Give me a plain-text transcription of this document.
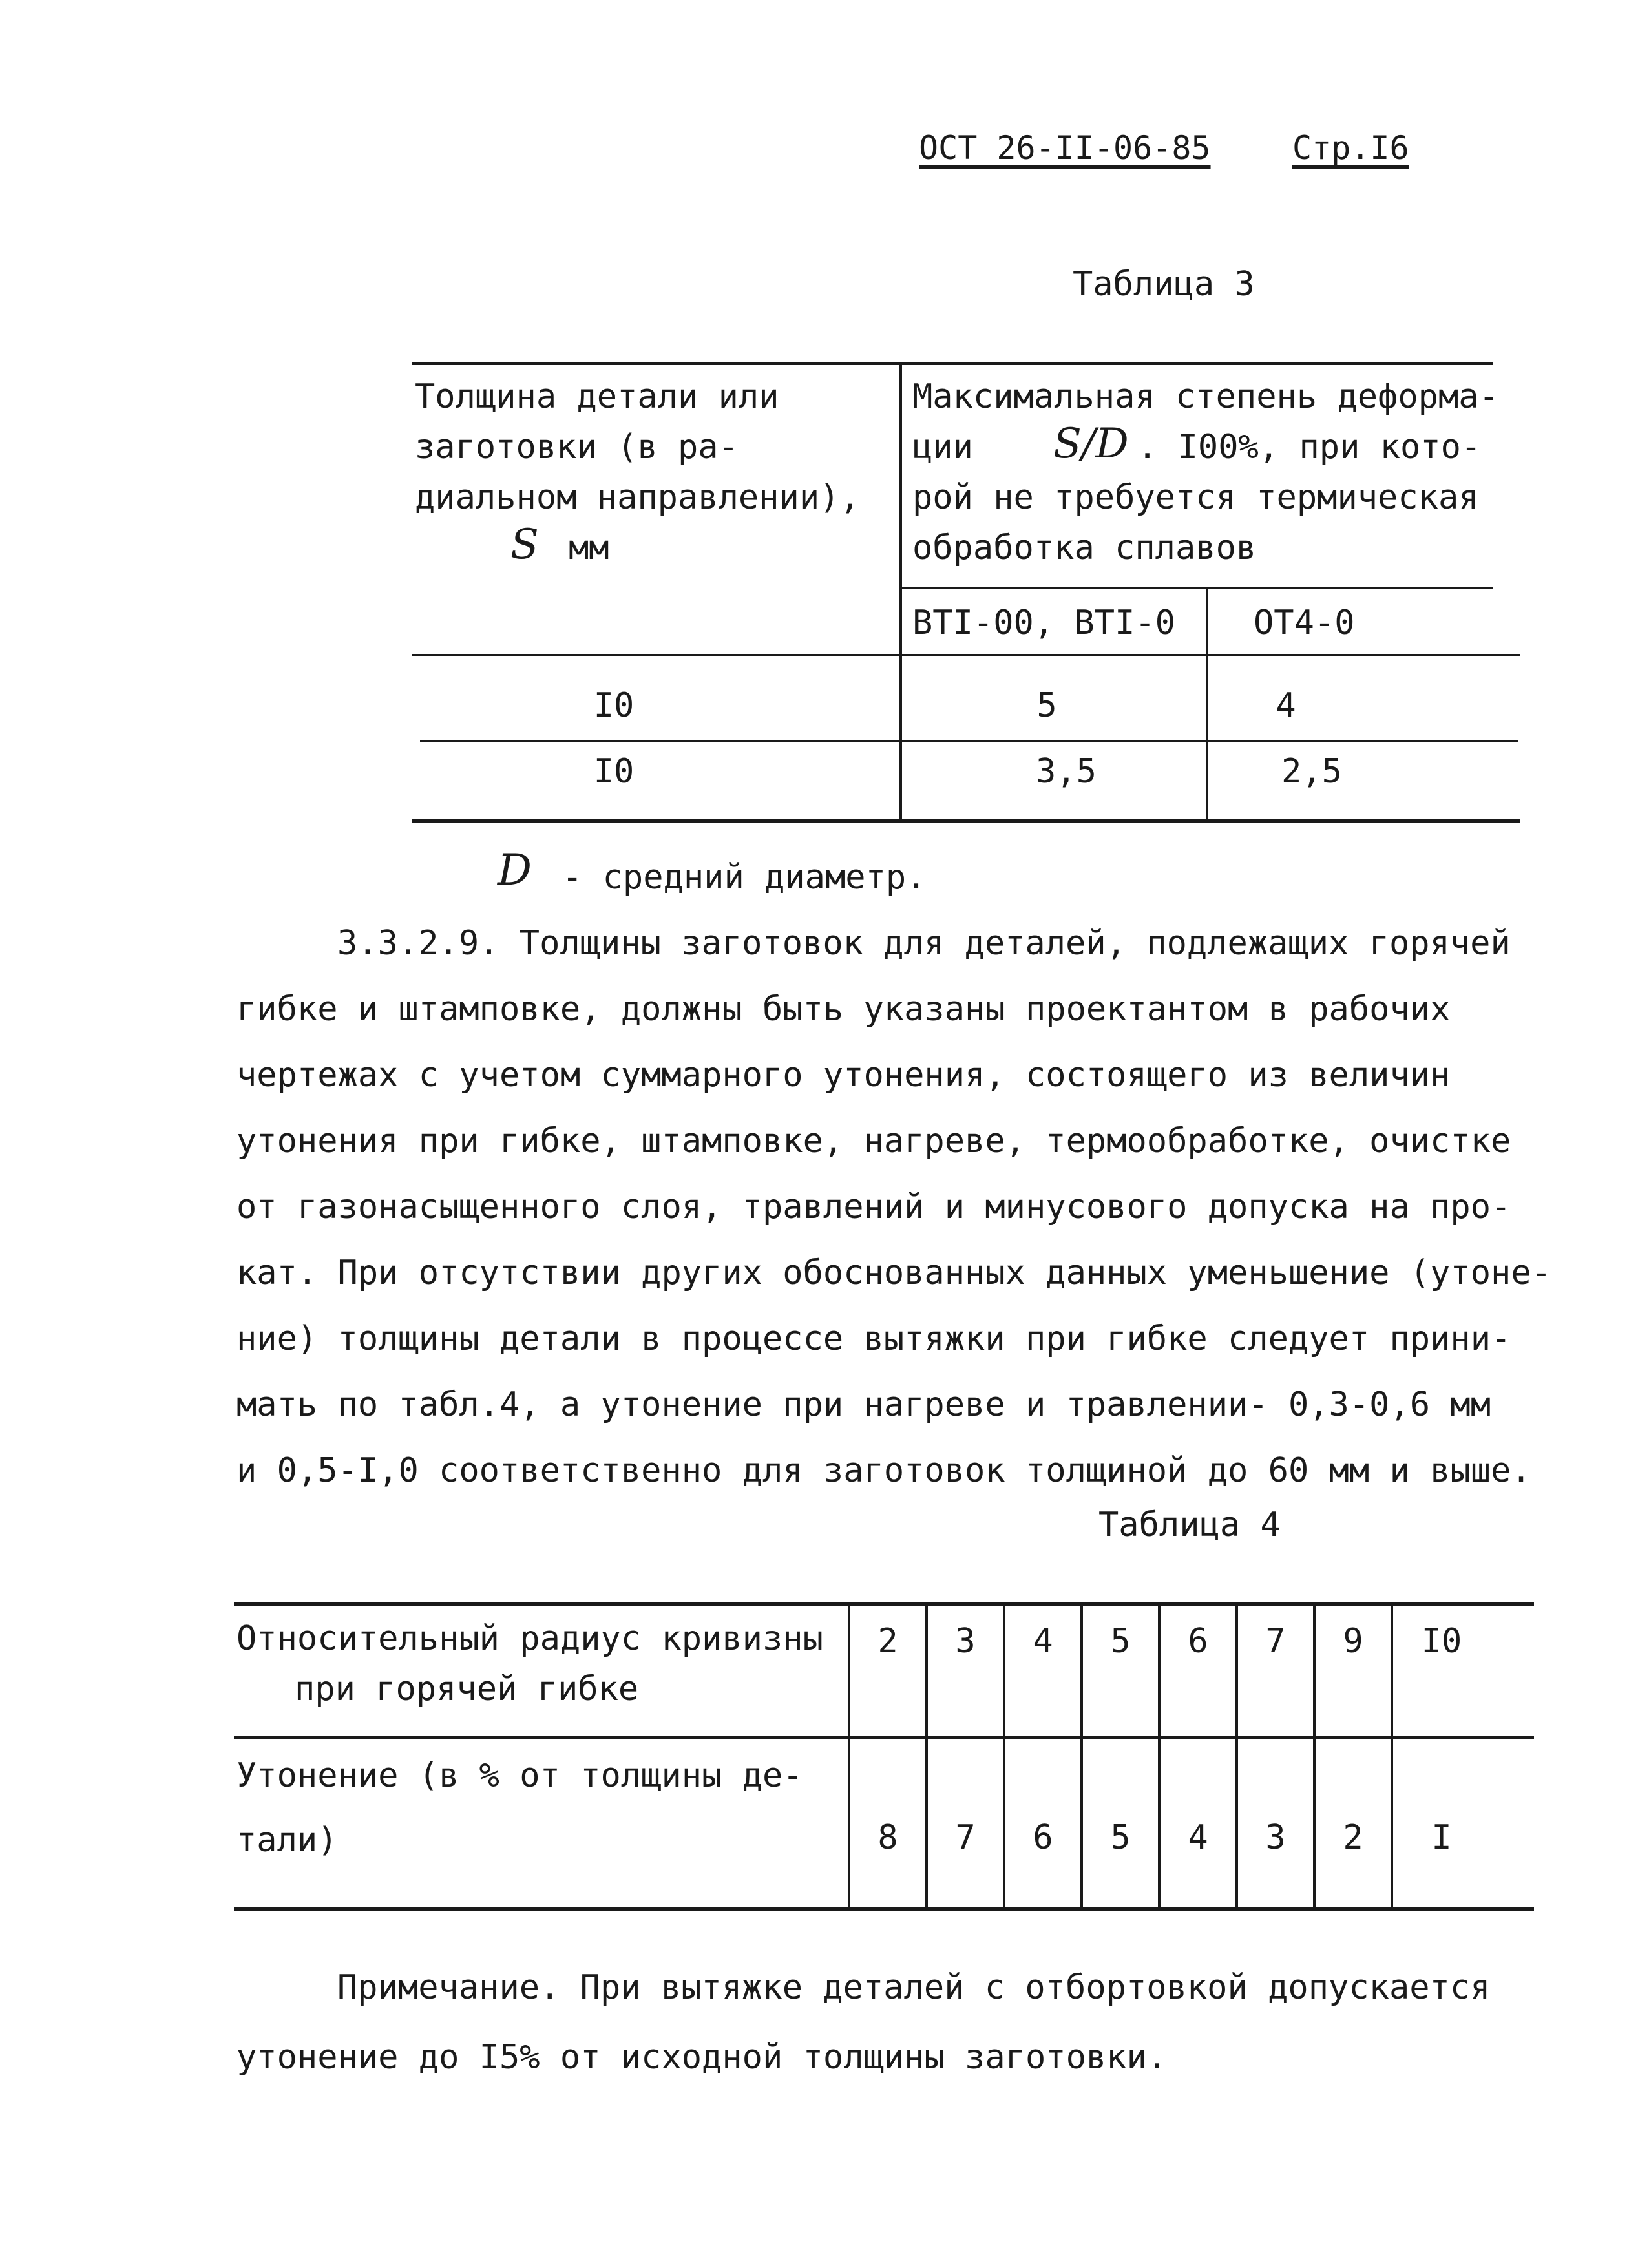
ОСТ 26-II-06-85	Стр.I6
Таблица 3
Толщина детали или
заготовки (в ра-
диальном направлении),
S мм
Максимальная степень деформа-
ции S/D . I00%, при кото-
рой не требуется термическая
обработка сплавов
ВТI-00, ВТI-0 ОТ4-0
I0	5	4
I0	3,5	2,5
D - средний диаметр.
3.3.2.9. Толщины заготовок для деталей, подлежащих горячей
гибке и штамповке, должны быть указаны проектантом в рабочих
чертежах с учетом суммарного утонения, состоящего из величин
утонения при гибке, штамповке, нагреве, термообработке, очистке
от газонасыщенного слоя, травлений и минусового допуска на про-
кат. При отсутствии других обоснованных данных уменьшение (утоне-
ние) толщины детали в процессе вытяжки при гибке следует прини-
мать по табл.4, а утонение при нагреве и травлении- 0,3-0,6 мм
и 0,5-I,0 соответственно для заготовок толщиной до 60 мм и выше.
Таблица 4
Относительный радиус кривизны
при горячей гибке
2	3	4	5	6	7	9	I0
Утонение (в % от толщины де-
тали)	8	7	6	5	4	3	2	I
Примечание. При вытяжке деталей с отбортовкой допускается
утонение до I5% от исходной толщины заготовки.
